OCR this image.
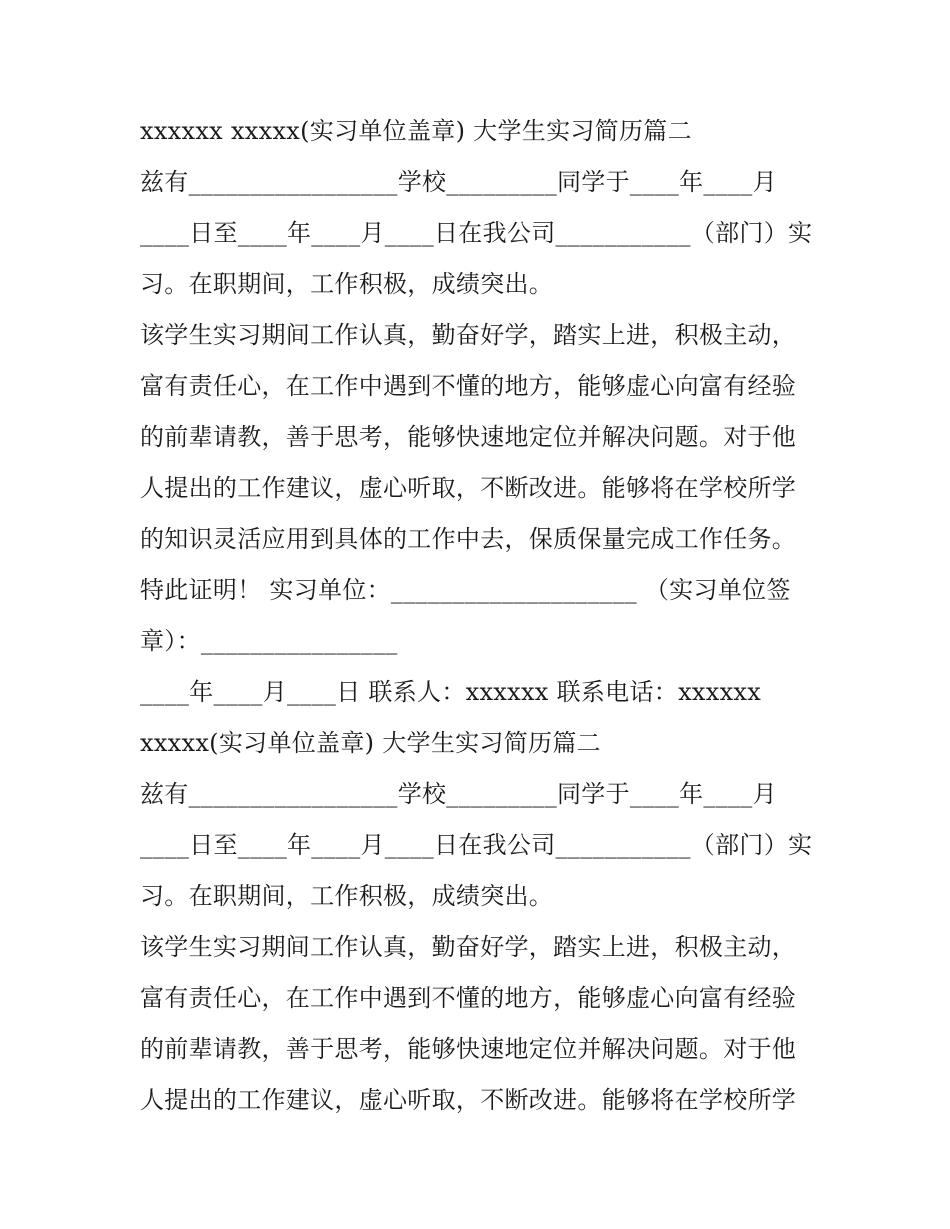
xxxxxx xxxxx(实习单位盖章) 大学生实习简历篇二
兹有_________________学校_________同学于____年____月
____日至____年____月____日在我公司___________（部门）实
习。在职期间，工作积极，成绩突出。
该学生实习期间工作认真，勤奋好学，踏实上进，积极主动，
富有责任心，在工作中遇到不懂的地方，能够虚心向富有经验
的前辈请教，善于思考，能够快速地定位并解决问题。对于他
人提出的工作建议，虚心听取，不断改进。能够将在学校所学
的知识灵活应用到具体的工作中去，保质保量完成工作任务。
特此证明！ 实习单位：____________________ （实习单位签
章）：________________
____年____月____日 联系人：xxxxxx 联系电话：xxxxxx
xxxxx(实习单位盖章) 大学生实习简历篇二
兹有_________________学校_________同学于____年____月
____日至____年____月____日在我公司___________（部门）实
习。在职期间，工作积极，成绩突出。
该学生实习期间工作认真，勤奋好学，踏实上进，积极主动，
富有责任心，在工作中遇到不懂的地方，能够虚心向富有经验
的前辈请教，善于思考，能够快速地定位并解决问题。对于他
人提出的工作建议，虚心听取，不断改进。能够将在学校所学
